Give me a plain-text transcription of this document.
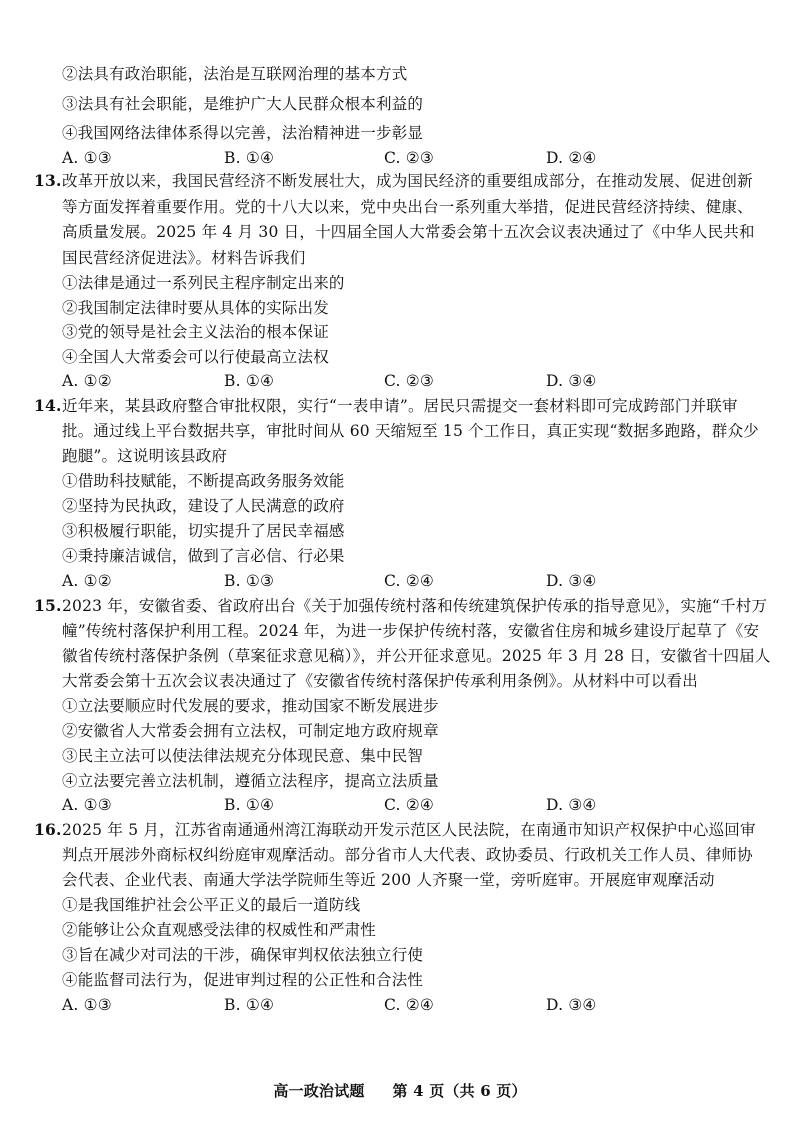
②法具有政治职能，法治是互联网治理的基本方式
③法具有社会职能，是维护广大人民群众根本利益的
④我国网络法律体系得以完善，法治精神进一步彰显
A. ①③	B. ①④	C. ②③	D. ②④
13. 改革开放以来，我国民营经济不断发展壮大，成为国民经济的重要组成部分，在推动发展、促进创新
等方面发挥着重要作用。党的十八大以来，党中央出台一系列重大举措，促进民营经济持续、健康、
高质量发展。2025 年 4 月 30 日，十四届全国人大常委会第十五次会议表决通过了《中华人民共和
国民营经济促进法》。材料告诉我们
①法律是通过一系列民主程序制定出来的
②我国制定法律时要从具体的实际出发
③党的领导是社会主义法治的根本保证
④全国人大常委会可以行使最高立法权
A. ①②	B. ①④	C. ②③	D. ③④
14. 近年来，某县政府整合审批权限，实行“一表申请”。居民只需提交一套材料即可完成跨部门并联审
批。通过线上平台数据共享，审批时间从 60 天缩短至 15 个工作日，真正实现“数据多跑路，群众少
跑腿”。这说明该县政府
①借助科技赋能，不断提高政务服务效能
②坚持为民执政，建设了人民满意的政府
③积极履行职能，切实提升了居民幸福感
④秉持廉洁诚信，做到了言必信、行必果
A. ①②	B. ①③	C. ②④	D. ③④
15. 2023 年，安徽省委、省政府出台《关于加强传统村落和传统建筑保护传承的指导意见》，实施“千村万
幢”传统村落保护利用工程。2024 年，为进一步保护传统村落，安徽省住房和城乡建设厅起草了《安
徽省传统村落保护条例（草案征求意见稿）》，并公开征求意见。2025 年 3 月 28 日，安徽省十四届人
大常委会第十五次会议表决通过了《安徽省传统村落保护传承利用条例》。从材料中可以看出
①立法要顺应时代发展的要求，推动国家不断发展进步
②安徽省人大常委会拥有立法权，可制定地方政府规章
③民主立法可以使法律法规充分体现民意、集中民智
④立法要完善立法机制，遵循立法程序，提高立法质量
A. ①③	B. ①④	C. ②④	D. ③④
16. 2025 年 5 月，江苏省南通通州湾江海联动开发示范区人民法院，在南通市知识产权保护中心巡回审
判点开展涉外商标权纠纷庭审观摩活动。部分省市人大代表、政协委员、行政机关工作人员、律师协
会代表、企业代表、南通大学法学院师生等近 200 人齐聚一堂，旁听庭审。开展庭审观摩活动
①是我国维护社会公平正义的最后一道防线
②能够让公众直观感受法律的权威性和严肃性
③旨在减少对司法的干涉，确保审判权依法独立行使
④能监督司法行为，促进审判过程的公正性和合法性
A. ①③	B. ①④	C. ②④	D. ③④
高一政治试题 第 4 页（共 6 页）
